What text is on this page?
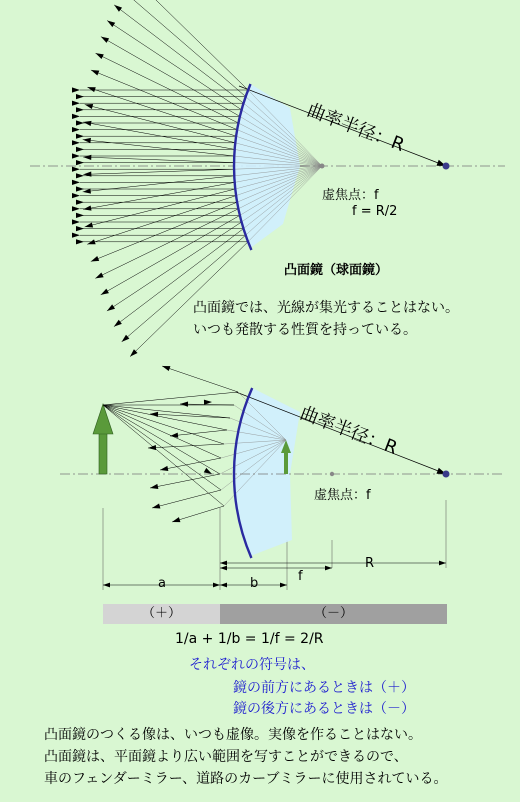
曲率半径：R
虚焦点：f
f = R/2
凸面鏡（球面鏡）
凸面鏡では、光線が集光することはない。
いつも発散する性質を持っている。
曲率半径：R
虚焦点：f
a	b	f
R
（＋）	（－）
1/a + 1/b = 1/f = 2/R
それぞれの符号は、
鏡の前方にあるときは（＋）
鏡の後方にあるときは（－）
凸面鏡のつくる像は、いつも虚像。実像を作ることはない。
凸面鏡は、平面鏡より広い範囲を写すことができるので、
車のフェンダーミラー、道路のカーブミラーに使用されている。
